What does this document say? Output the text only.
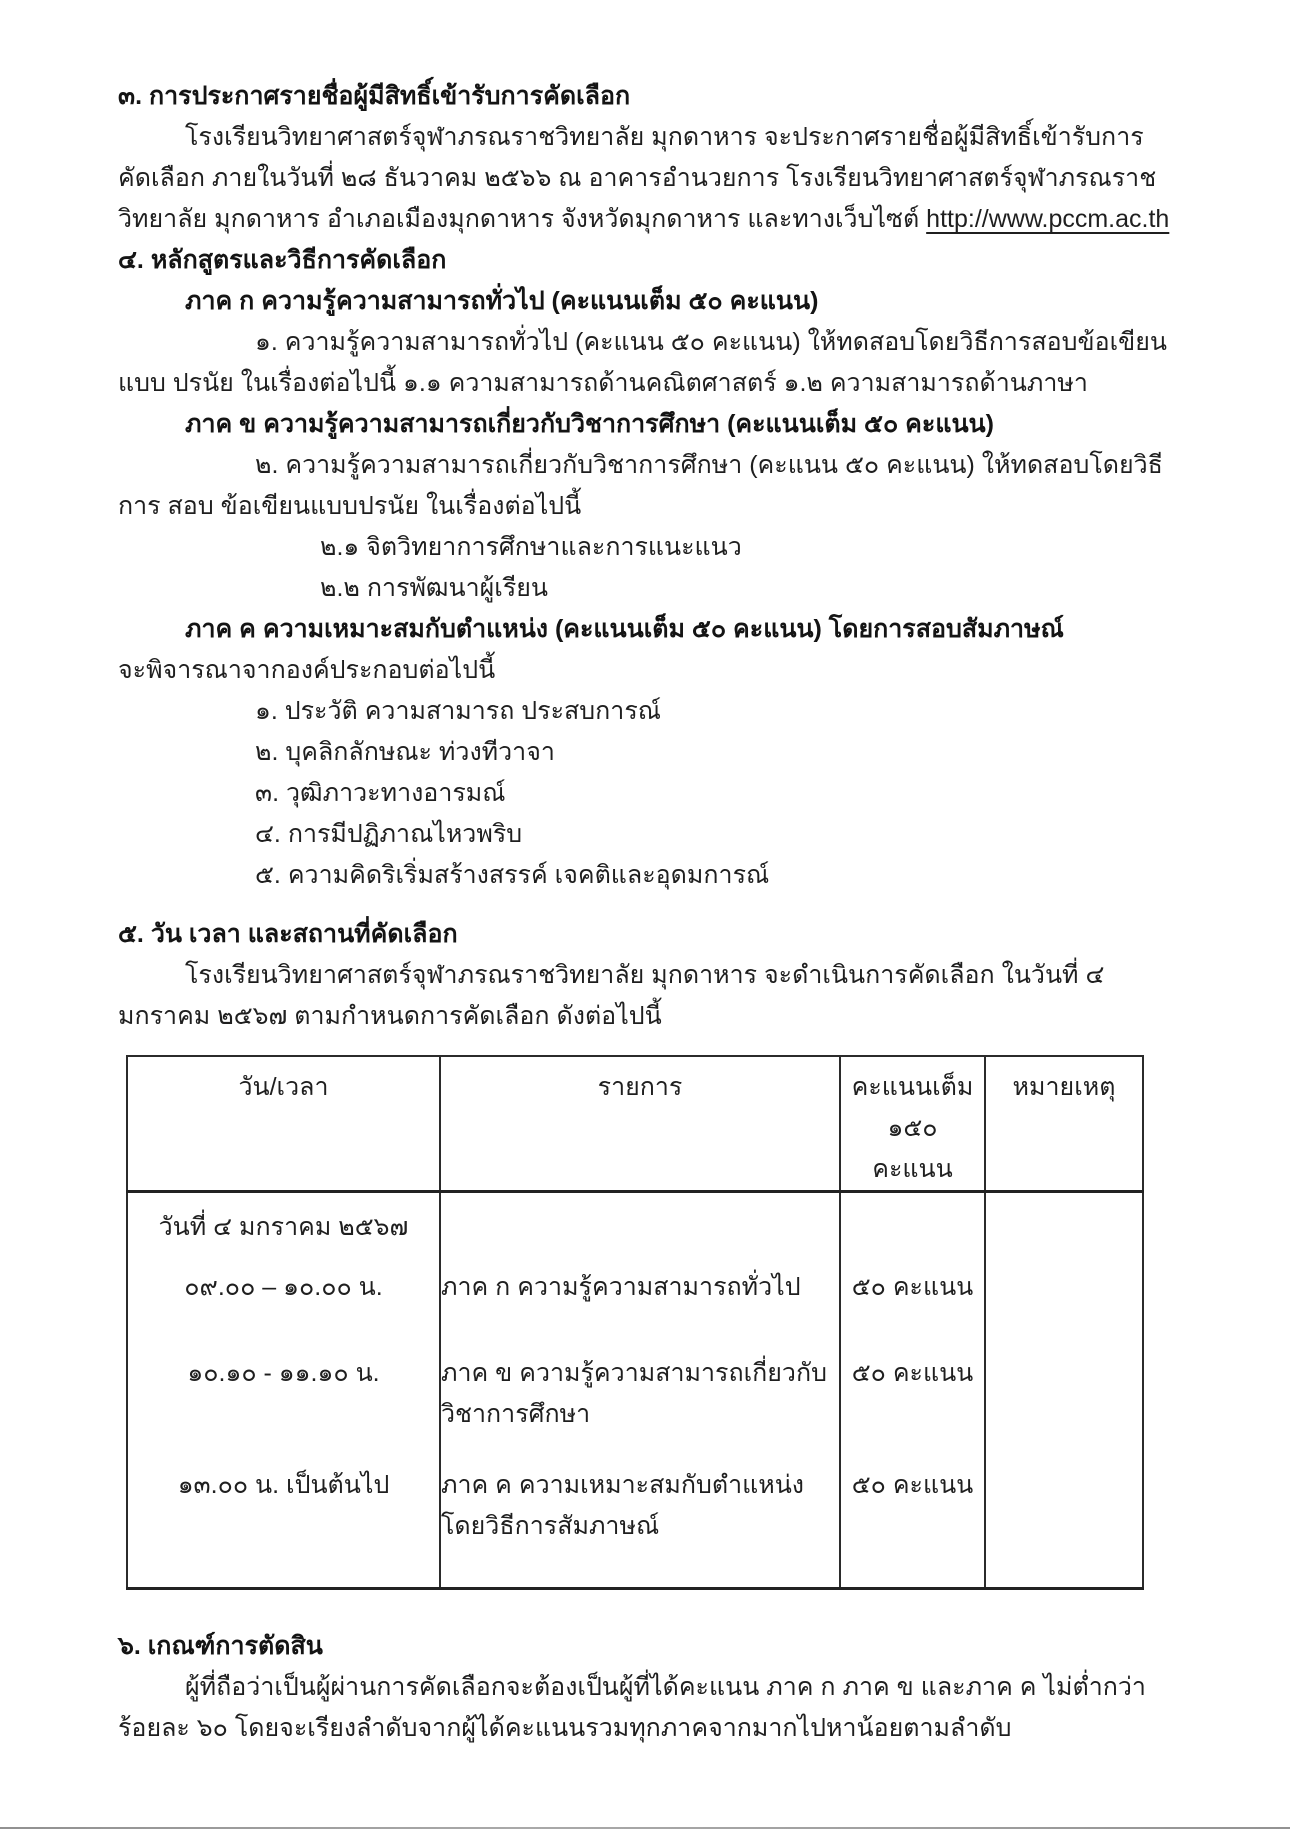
๓. การประกาศรายชื่อผู้มีสิทธิ์เข้ารับการคัดเลือก

โรงเรียนวิทยาศาสตร์จุฬาภรณราชวิทยาลัย มุกดาหาร จะประกาศรายชื่อผู้มีสิทธิ์เข้ารับการคัดเลือก ภายในวันที่ ๒๘ ธันวาคม ๒๕๖๖ ณ อาคารอำนวยการ โรงเรียนวิทยาศาสตร์จุฬาภรณราชวิทยาลัย มุกดาหาร อำเภอเมืองมุกดาหาร จังหวัดมุกดาหาร และทางเว็บไซต์ http://www.pccm.ac.th

๔. หลักสูตรและวิธีการคัดเลือก
ภาค ก ความรู้ความสามารถทั่วไป (คะแนนเต็ม ๕๐ คะแนน)

๑. ความรู้ความสามารถทั่วไป (คะแนน ๕๐ คะแนน) ให้ทดสอบโดยวิธีการสอบข้อเขียนแบบ ปรนัย ในเรื่องต่อไปนี้ ๑.๑ ความสามารถด้านคณิตศาสตร์ ๑.๒ ความสามารถด้านภาษา

ภาค ข ความรู้ความสามารถเกี่ยวกับวิชาการศึกษา (คะแนนเต็ม ๕๐ คะแนน)

๒. ความรู้ความสามารถเกี่ยวกับวิชาการศึกษา (คะแนน ๕๐ คะแนน) ให้ทดสอบโดยวิธีการ สอบ ข้อเขียนแบบปรนัย ในเรื่องต่อไปนี้

๒.๑ จิตวิทยาการศึกษาและการแนะแนว
๒.๒ การพัฒนาผู้เรียน
ภาค ค ความเหมาะสมกับตำแหน่ง (คะแนนเต็ม ๕๐ คะแนน) โดยการสอบสัมภาษณ์
จะพิจารณาจากองค์ประกอบต่อไปนี้
๑. ประวัติ ความสามารถ ประสบการณ์
๒. บุคลิกลักษณะ ท่วงทีวาจา
๓. วุฒิภาวะทางอารมณ์
๔. การมีปฏิภาณไหวพริบ
๕. ความคิดริเริ่มสร้างสรรค์ เจคติและอุดมการณ์
๕. วัน เวลา และสถานที่คัดเลือก

โรงเรียนวิทยาศาสตร์จุฬาภรณราชวิทยาลัย มุกดาหาร จะดำเนินการคัดเลือก ในวันที่ ๔ มกราคม ๒๕๖๗ ตามกำหนดการคัดเลือก ดังต่อไปนี้

วัน/เวลา	รายการ	คะแนนเต็ม
๑๕๐
คะแนน	หมายเหตุ
วันที่ ๔ มกราคม ๒๕๖๗			
๐๙.๐๐ – ๑๐.๐๐ น.	ภาค ก ความรู้ความสามารถทั่วไป	๕๐ คะแนน	
๑๐.๑๐ - ๑๑.๑๐ น.	ภาค ข ความรู้ความสามารถเกี่ยวกับวิชา​การศึกษา	๕๐ คะแนน	
๑๓.๐๐ น. เป็นต้นไป	ภาค ค ความเหมาะสมกับตำแหน่งโดย​วิธีการสัมภาษณ์	๕๐ คะแนน	
๖. เกณฑ์การตัดสิน

ผู้ที่ถือว่าเป็นผู้ผ่านการคัดเลือกจะต้องเป็นผู้ที่ได้คะแนน ภาค ก ภาค ข และภาค ค ไม่ต่ำกว่าร้อยละ ๖๐ โดยจะเรียงลำดับจากผู้ได้คะแนนรวมทุกภาคจากมากไปหาน้อยตามลำดับ
